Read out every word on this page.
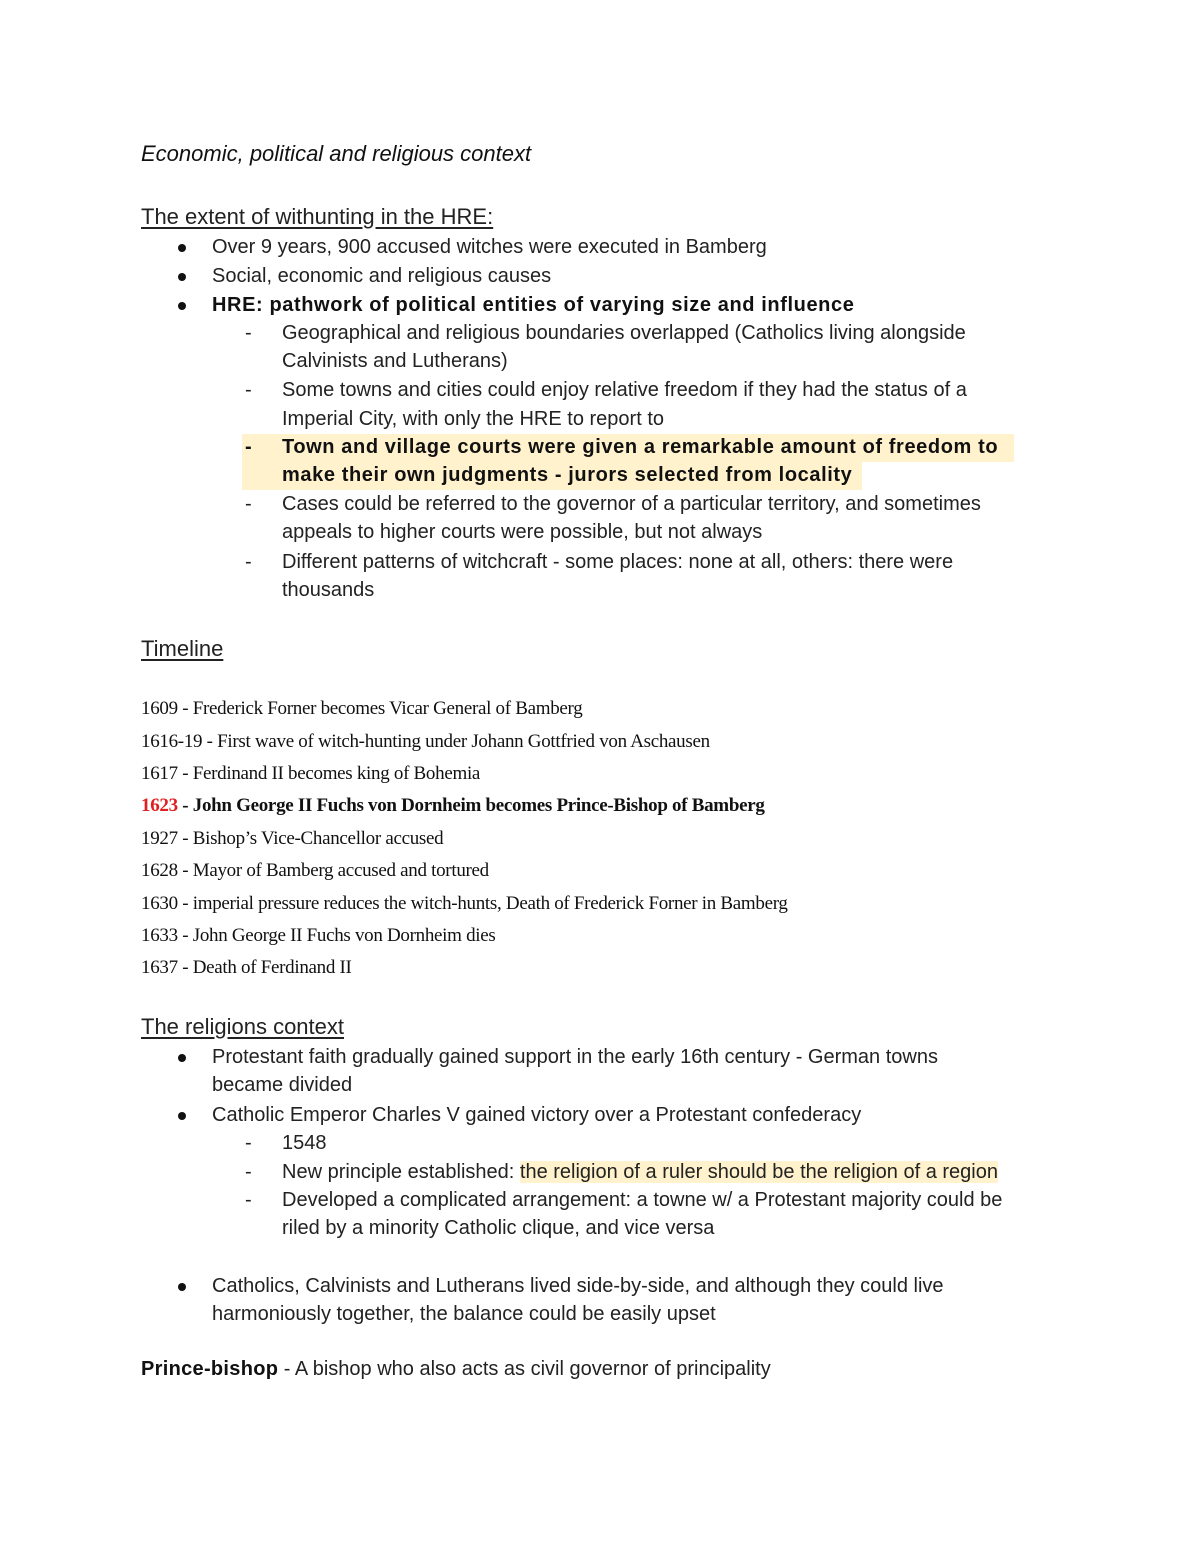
Economic, political and religious context
The extent of withunting in the HRE:
Over 9 years, 900 accused witches were executed in Bamberg
Social, economic and religious causes
HRE: pathwork of political entities of varying size and influence
- Geographical and religious boundaries overlapped (Catholics living alongside
Calvinists and Lutherans)
- Some towns and cities could enjoy relative freedom if they had the status of a
Imperial City, with only the HRE to report to
- Town and village courts were given a remarkable amount of freedom to
make their own judgments - jurors selected from locality
- Cases could be referred to the governor of a particular territory, and sometimes
appeals to higher courts were possible, but not always
- Different patterns of witchcraft - some places: none at all, others: there were
thousands
Timeline
1609 - Frederick Forner becomes Vicar General of Bamberg
1616-19 - First wave of witch-hunting under Johann Gottfried von Aschausen
1617 - Ferdinand II becomes king of Bohemia
1623 - John George II Fuchs von Dornheim becomes Prince-Bishop of Bamberg
1927 - Bishop’s Vice-Chancellor accused
1628 - Mayor of Bamberg accused and tortured
1630 - imperial pressure reduces the witch-hunts, Death of Frederick Forner in Bamberg
1633 - John George II Fuchs von Dornheim dies
1637 - Death of Ferdinand II
The religions context
Protestant faith gradually gained support in the early 16th century - German towns
became divided
Catholic Emperor Charles V gained victory over a Protestant confederacy
- 1548
- New principle established: the religion of a ruler should be the religion of a region
- Developed a complicated arrangement: a towne w/ a Protestant majority could be
riled by a minority Catholic clique, and vice versa
Catholics, Calvinists and Lutherans lived side-by-side, and although they could live
harmoniously together, the balance could be easily upset
Prince-bishop - A bishop who also acts as civil governor of principality
